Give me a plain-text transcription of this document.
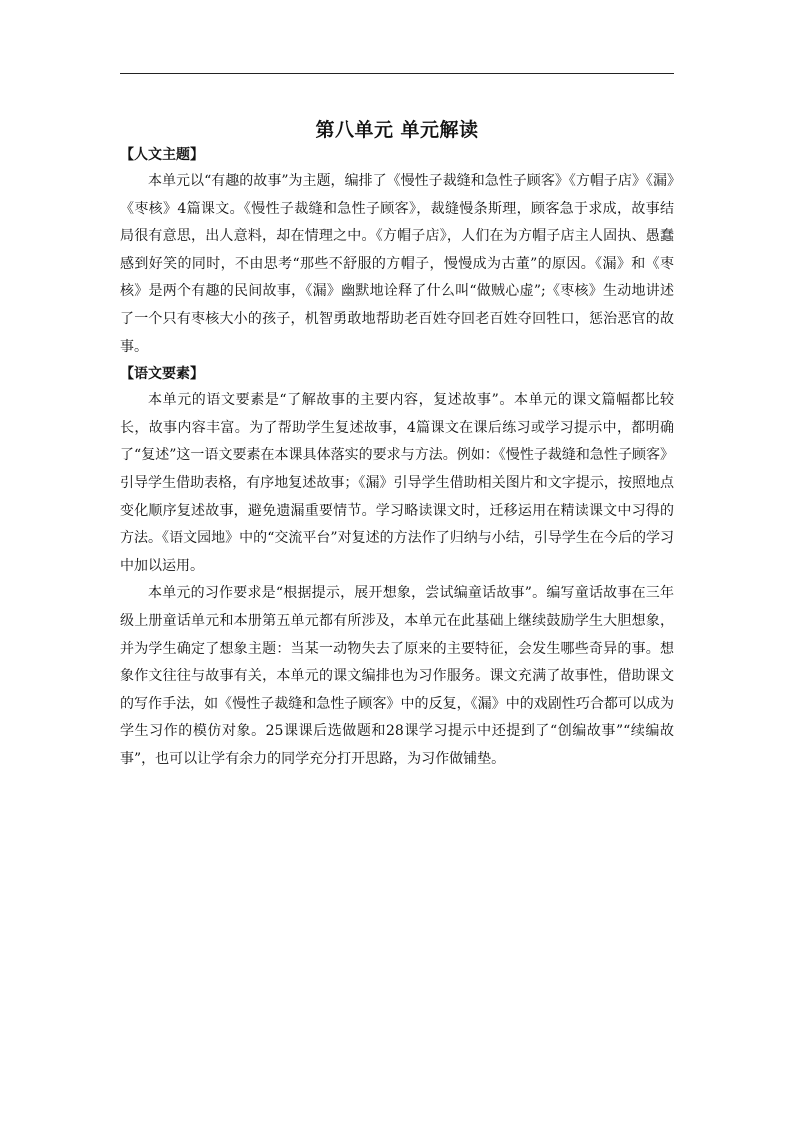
第八单元 单元解读
【人文主题】

本单元以“有趣的故事”为主题，编排了《慢性子裁缝和急性子顾客》《方帽子店》《漏》《枣核》4篇课文。《慢性子裁缝和急性子顾客》，裁缝慢条斯理，顾客急于求成，故事结局很有意思，出人意料，却在情理之中。《方帽子店》，人们在为方帽子店主人固执、愚蠢感到好笑的同时，不由思考“那些不舒服的方帽子，慢慢成为古董”的原因。《漏》和《枣核》是两个有趣的民间故事，《漏》幽默地诠释了什么叫“做贼心虚”;《枣核》生动地讲述了一个只有枣核大小的孩子，机智勇敢地帮助老百姓夺回老百姓夺回牲口，惩治恶官的故事。

【语文要素】

本单元的语文要素是“了解故事的主要内容，复述故事”。本单元的课文篇幅都比较长，故事内容丰富。为了帮助学生复述故事，4篇课文在课后练习或学习提示中，都明确了“复述”这一语文要素在本课具体落实的要求与方法。例如：《慢性子裁缝和急性子顾客》引导学生借助表格，有序地复述故事；《漏》引导学生借助相关图片和文字提示，按照地点变化顺序复述故事，避免遗漏重要情节。学习略读课文时，迁移运用在精读课文中习得的方法。《语文园地》中的“交流平台”对复述的方法作了归纳与小结，引导学生在今后的学习中加以运用。

本单元的习作要求是“根据提示，展开想象，尝试编童话故事”。编写童话故事在三年级上册童话单元和本册第五单元都有所涉及，本单元在此基础上继续鼓励学生大胆想象，并为学生确定了想象主题：当某一动物失去了原来的主要特征，会发生哪些奇异的事。想象作文往往与故事有关，本单元的课文编排也为习作服务。课文充满了故事性，借助课文的写作手法，如《慢性子裁缝和急性子顾客》中的反复，《漏》中的戏剧性巧合都可以成为学生习作的模仿对象。25课课后选做题和28课学习提示中还提到了“创编故事”“续编故事”，也可以让学有余力的同学充分打开思路，为习作做铺垫。
